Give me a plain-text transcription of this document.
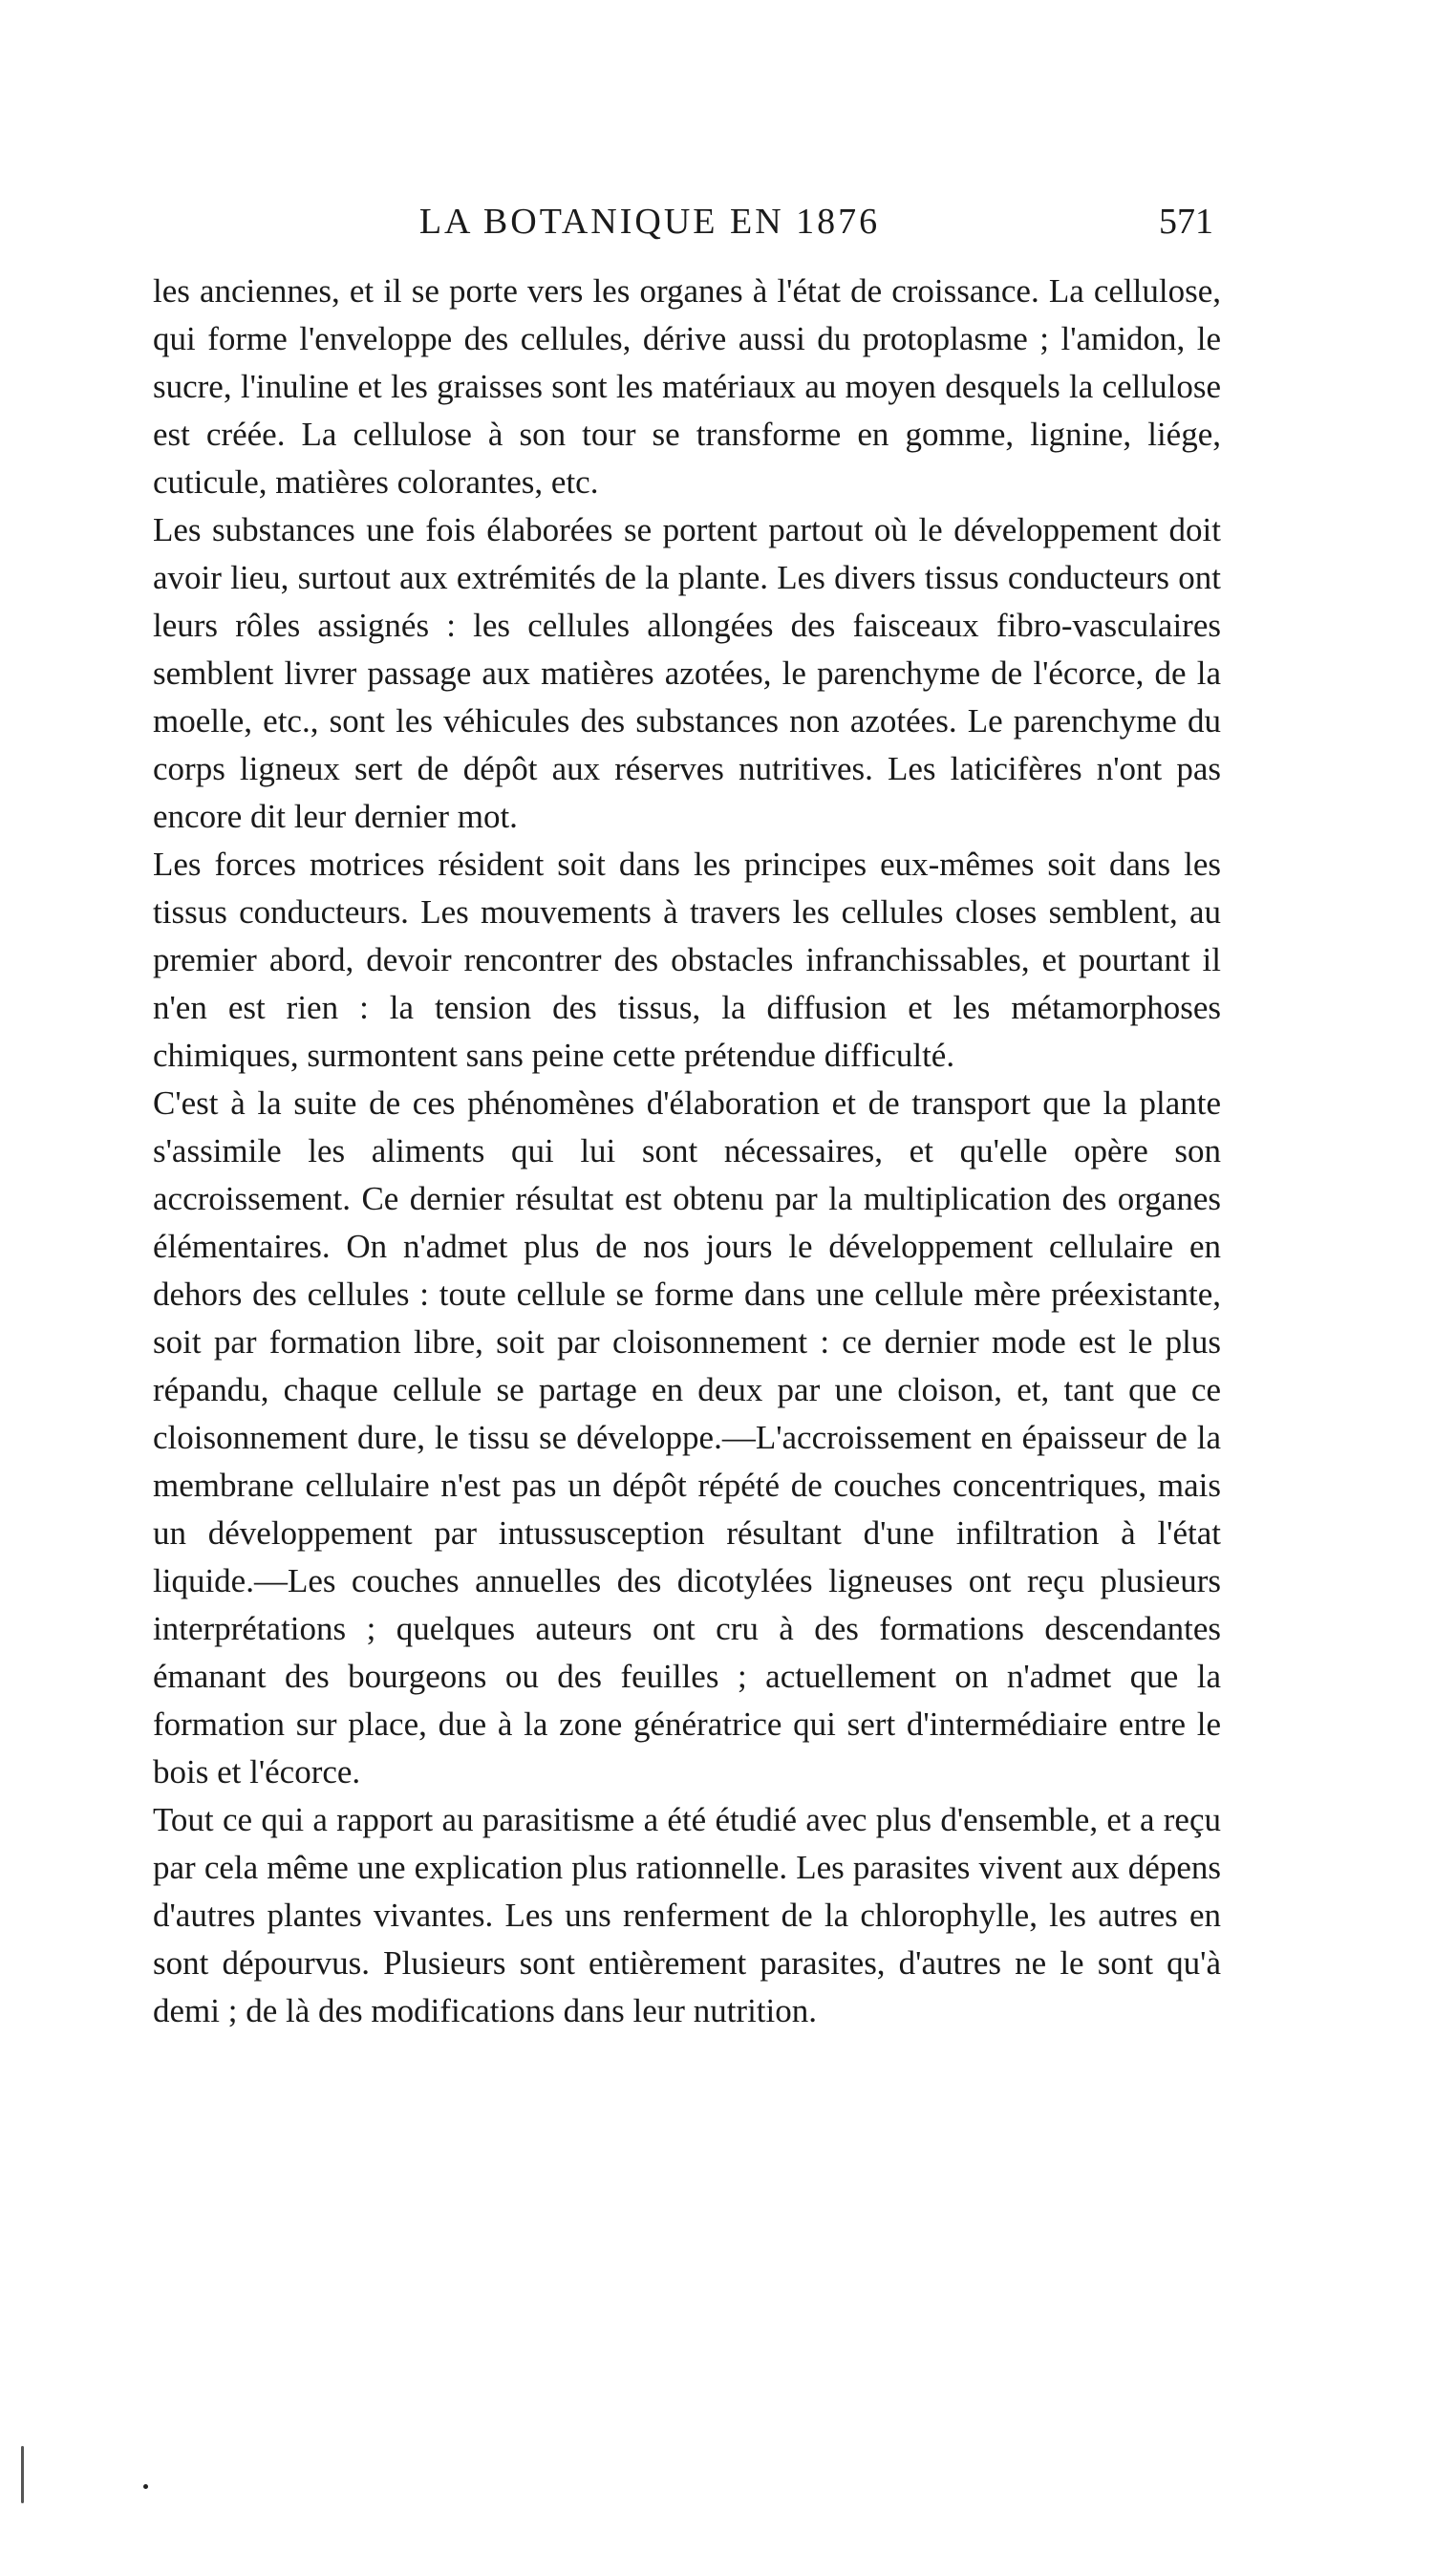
LA BOTANIQUE EN 1876	571

les anciennes, et il se porte vers les organes à l'état de croissance. La cellulose, qui forme l'enveloppe des cellules, dérive aussi du protoplasme ; l'amidon, le sucre, l'inuline et les graisses sont les matériaux au moyen desquels la cellulose est créée. La cellulose à son tour se transforme en gomme, lignine, liége, cuticule, matières colorantes, etc.

Les substances une fois élaborées se portent partout où le développement doit avoir lieu, surtout aux extrémités de la plante. Les divers tissus conducteurs ont leurs rôles assignés : les cellules allongées des faisceaux fibro-vasculaires semblent livrer passage aux matières azotées, le parenchyme de l'écorce, de la moelle, etc., sont les véhicules des substances non azotées. Le parenchyme du corps ligneux sert de dépôt aux réserves nutritives. Les laticifères n'ont pas encore dit leur dernier mot.

Les forces motrices résident soit dans les principes eux-mêmes soit dans les tissus conducteurs. Les mouvements à travers les cellules closes semblent, au premier abord, devoir rencontrer des obstacles infranchissables, et pourtant il n'en est rien : la tension des tissus, la diffusion et les métamorphoses chimiques, surmontent sans peine cette prétendue difficulté.

C'est à la suite de ces phénomènes d'élaboration et de transport que la plante s'assimile les aliments qui lui sont nécessaires, et qu'elle opère son accroissement. Ce dernier résultat est obtenu par la multiplication des organes élémentaires. On n'admet plus de nos jours le développement cellulaire en dehors des cellules : toute cellule se forme dans une cellule mère préexistante, soit par formation libre, soit par cloisonnement : ce dernier mode est le plus répandu, chaque cellule se partage en deux par une cloison, et, tant que ce cloisonnement dure, le tissu se développe.—L'accroissement en épaisseur de la membrane cellulaire n'est pas un dépôt répété de couches concentriques, mais un développement par intussusception résultant d'une infiltration à l'état liquide.—Les couches annuelles des dicotylées ligneuses ont reçu plusieurs interprétations ; quelques auteurs ont cru à des formations descendantes émanant des bourgeons ou des feuilles ; actuellement on n'admet que la formation sur place, due à la zone génératrice qui sert d'intermédiaire entre le bois et l'écorce.

Tout ce qui a rapport au parasitisme a été étudié avec plus d'ensemble, et a reçu par cela même une explication plus rationnelle. Les parasites vivent aux dépens d'autres plantes vivantes. Les uns renferment de la chlorophylle, les autres en sont dépourvus. Plusieurs sont entièrement parasites, d'autres ne le sont qu'à demi ; de là des modifications dans leur nutrition.
